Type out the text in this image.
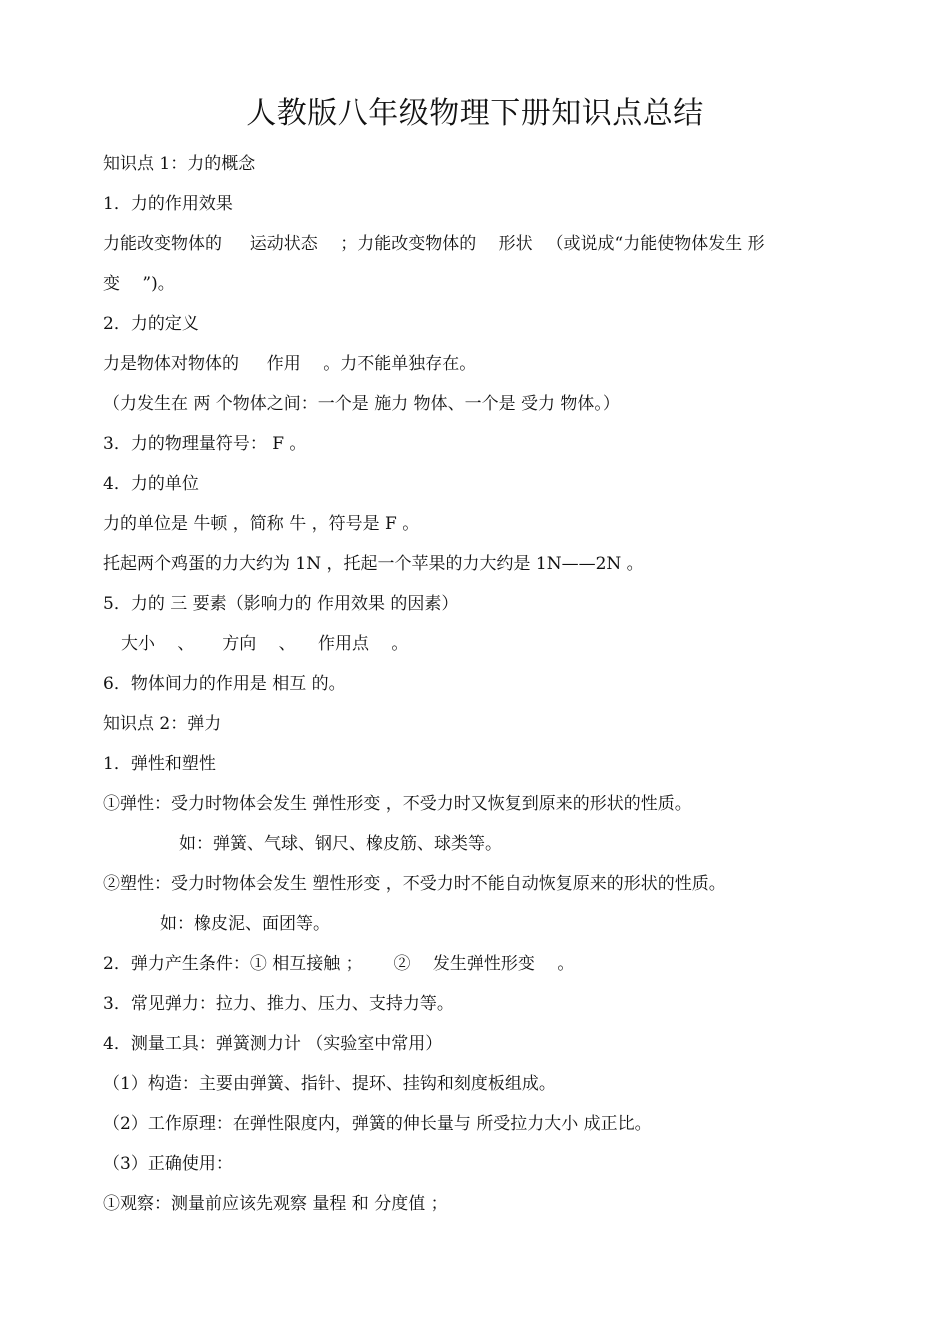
人教版八年级物理下册知识点总结
知识点 1：力的概念
1．力的作用效果
力能改变物体的 　 运动状态 　；力能改变物体的 　形状 　（或说成“力能使物体发生 形
变 　”)。
2．力的定义
力是物体对物体的 　 作用 　。力不能单独存在。
（力发生在 两 个物体之间：一个是 施力 物体、一个是 受力 物体。）
3．力的物理量符号： F 。
4．力的单位
力的单位是 牛顿 ，简称 牛 ，符号是 F 。
托起两个鸡蛋的力大约为 1N ，托起一个苹果的力大约是 1N——2N 。
5．力的 三 要素（影响力的 作用效果 的因素）
大小 　、 　 方向 　、 　作用点 　。
6．物体间力的作用是 相互 的。
知识点 2：弹力
1．弹性和塑性
①弹性：受力时物体会发生 弹性形变 ，不受力时又恢复到原来的形状的性质。
如：弹簧、气球、钢尺、橡皮筋、球类等。
②塑性：受力时物体会发生 塑性形变 ，不受力时不能自动恢复原来的形状的性质。
如：橡皮泥、面团等。
2．弹力产生条件：① 相互接触 ；　　 ② 　发生弹性形变 　。
3．常见弹力：拉力、推力、压力、支持力等。
4．测量工具：弹簧测力计 （实验室中常用）
（1）构造：主要由弹簧、指针、提环、挂钩和刻度板组成。
（2）工作原理：在弹性限度内，弹簧的伸长量与 所受拉力大小 成正比。
（3）正确使用：
①观察：测量前应该先观察 量程 和 分度值 ；
